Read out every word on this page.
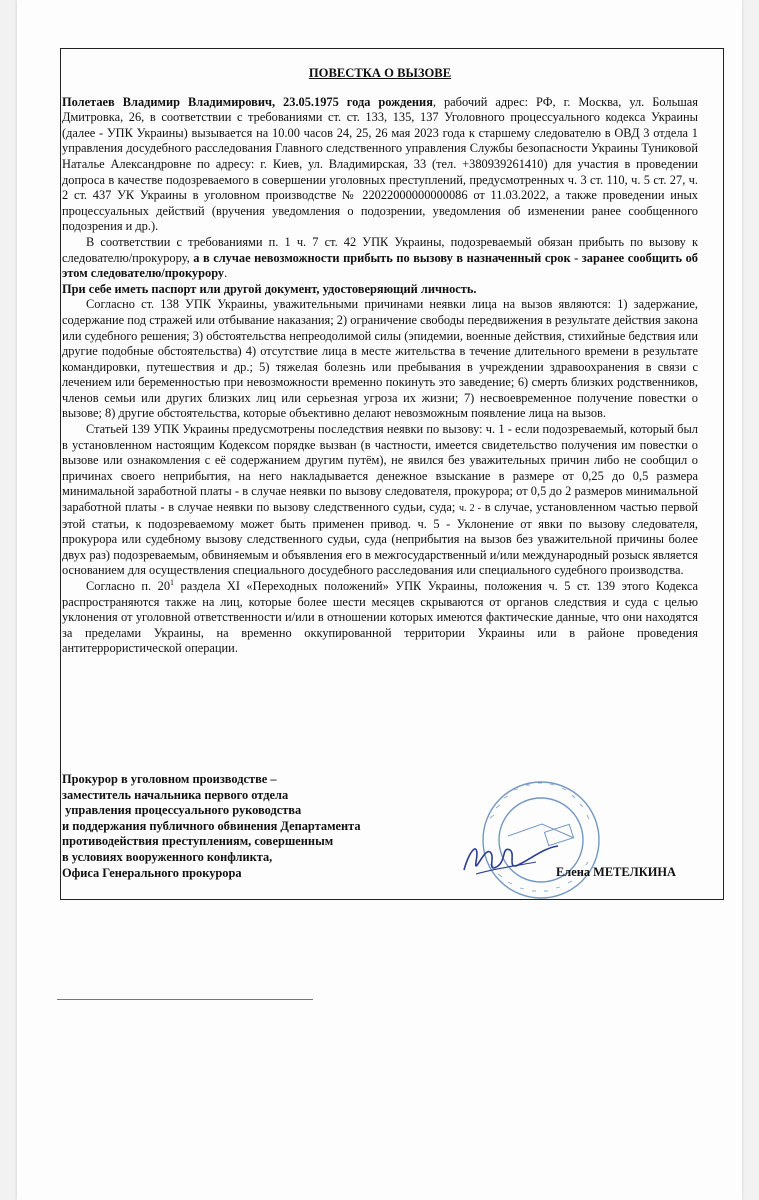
ПОВЕСТКА О ВЫЗОВЕ

Полетаев Владимир Владимирович, 23.05.1975 года рождения, рабочий адрес: РФ, г. Москва, ул. Большая Дмитровка, 26, в соответствии с требованиями ст. ст. 133, 135, 137 Уголовного процессуального кодекса Украины (далее - УПК Украины) вызывается на 10.00 часов 24, 25, 26 мая 2023 года к старшему следователю в ОВД 3 отдела 1 управления досудебного расследования Главного следственного управления Службы безопасности Украины Туниковой Натальe Александровне по адресу: г. Киев, ул. Владимирская, 33 (тел. +380939261410) для участия в проведении допроса в качестве подозреваемого в совершении уголовных преступлений, предусмотренных ч. 3 ст. 110, ч. 5 ст. 27, ч. 2 ст. 437 УК Украины в уголовном производстве № 22022000000000086 от 11.03.2022, а также проведении иных процессуальных действий (вручения уведомления о подозрении, уведомления об изменении ранее сообщенного подозрения и др.).

В соответствии с требованиями п. 1 ч. 7 ст. 42 УПК Украины, подозреваемый обязан прибыть по вызову к следователю/прокурору, а в случае невозможности прибыть по вызову в назначенный срок - заранее сообщить об этом следователю/прокурору.

При себе иметь паспорт или другой документ, удостоверяющий личность.

Согласно ст. 138 УПК Украины, уважительными причинами неявки лица на вызов являются: 1) задержание, содержание под стражей или отбывание наказания; 2) ограничение свободы передвижения в результате действия закона или судебного решения; 3) обстоятельства непреодолимой силы (эпидемии, военные действия, стихийные бедствия или другие подобные обстоятельства) 4) отсутствие лица в месте жительства в течение длительного времени в результате командировки, путешествия и др.; 5) тяжелая болезнь или пребывания в учреждении здравоохранения в связи с лечением или беременностью при невозможности временно покинуть это заведение; 6) смерть близких родственников, членов семьи или других близких лиц или серьезная угроза их жизни; 7) несвоевременное получение повестки о вызове; 8) другие обстоятельства, которые объективно делают невозможным появление лица на вызов.

Статьей 139 УПК Украины предусмотрены последствия неявки по вызову: ч. 1 - если подозреваемый, который был в установленном настоящим Кодексом порядке вызван (в частности, имеется свидетельство получения им повестки о вызове или ознакомления с её содержанием другим путём), не явился без уважительных причин либо не сообщил о причинах своего неприбытия, на него накладывается денежное взыскание в размере от 0,25 до 0,5 размера минимальной заработной платы - в случае неявки по вызову следователя, прокурора; от 0,5 до 2 размеров минимальной заработной платы - в случае неявки по вызову следственного судьи, суда; ч. 2 - в случае, установленном частью первой этой статьи, к подозреваемому может быть применен привод. ч. 5 - Уклонение от явки по вызову следователя, прокурора или судебному вызову следственного судьи, суда (неприбытия на вызов без уважительной причины более двух раз) подозреваемым, обвиняемым и объявления его в межгосударственный и/или международный розыск является основанием для осуществления специального досудебного расследования или специального судебного производства.

Согласно п. $20^1$ раздела XI «Переходных положений» УПК Украины, положения ч. 5 ст. 139 этого Кодекса распространяются также на лиц, которые более шести месяцев скрываются от органов следствия и суда с целью уклонения от уголовной ответственности и/или в отношении которых имеются фактические данные, что они находятся за пределами Украины, на временно оккупированной территории Украины или в районе проведения антитеррористической операции.

Прокурор в уголовном производстве –
заместитель начальника первого отдела
управления процессуального руководства
и поддержания публичного обвинения Департамента
противодействия преступлениям, совершенным
в условиях вооруженного конфликта,
Офиса Генерального прокурора	Елена МЕТЕЛКИНА
